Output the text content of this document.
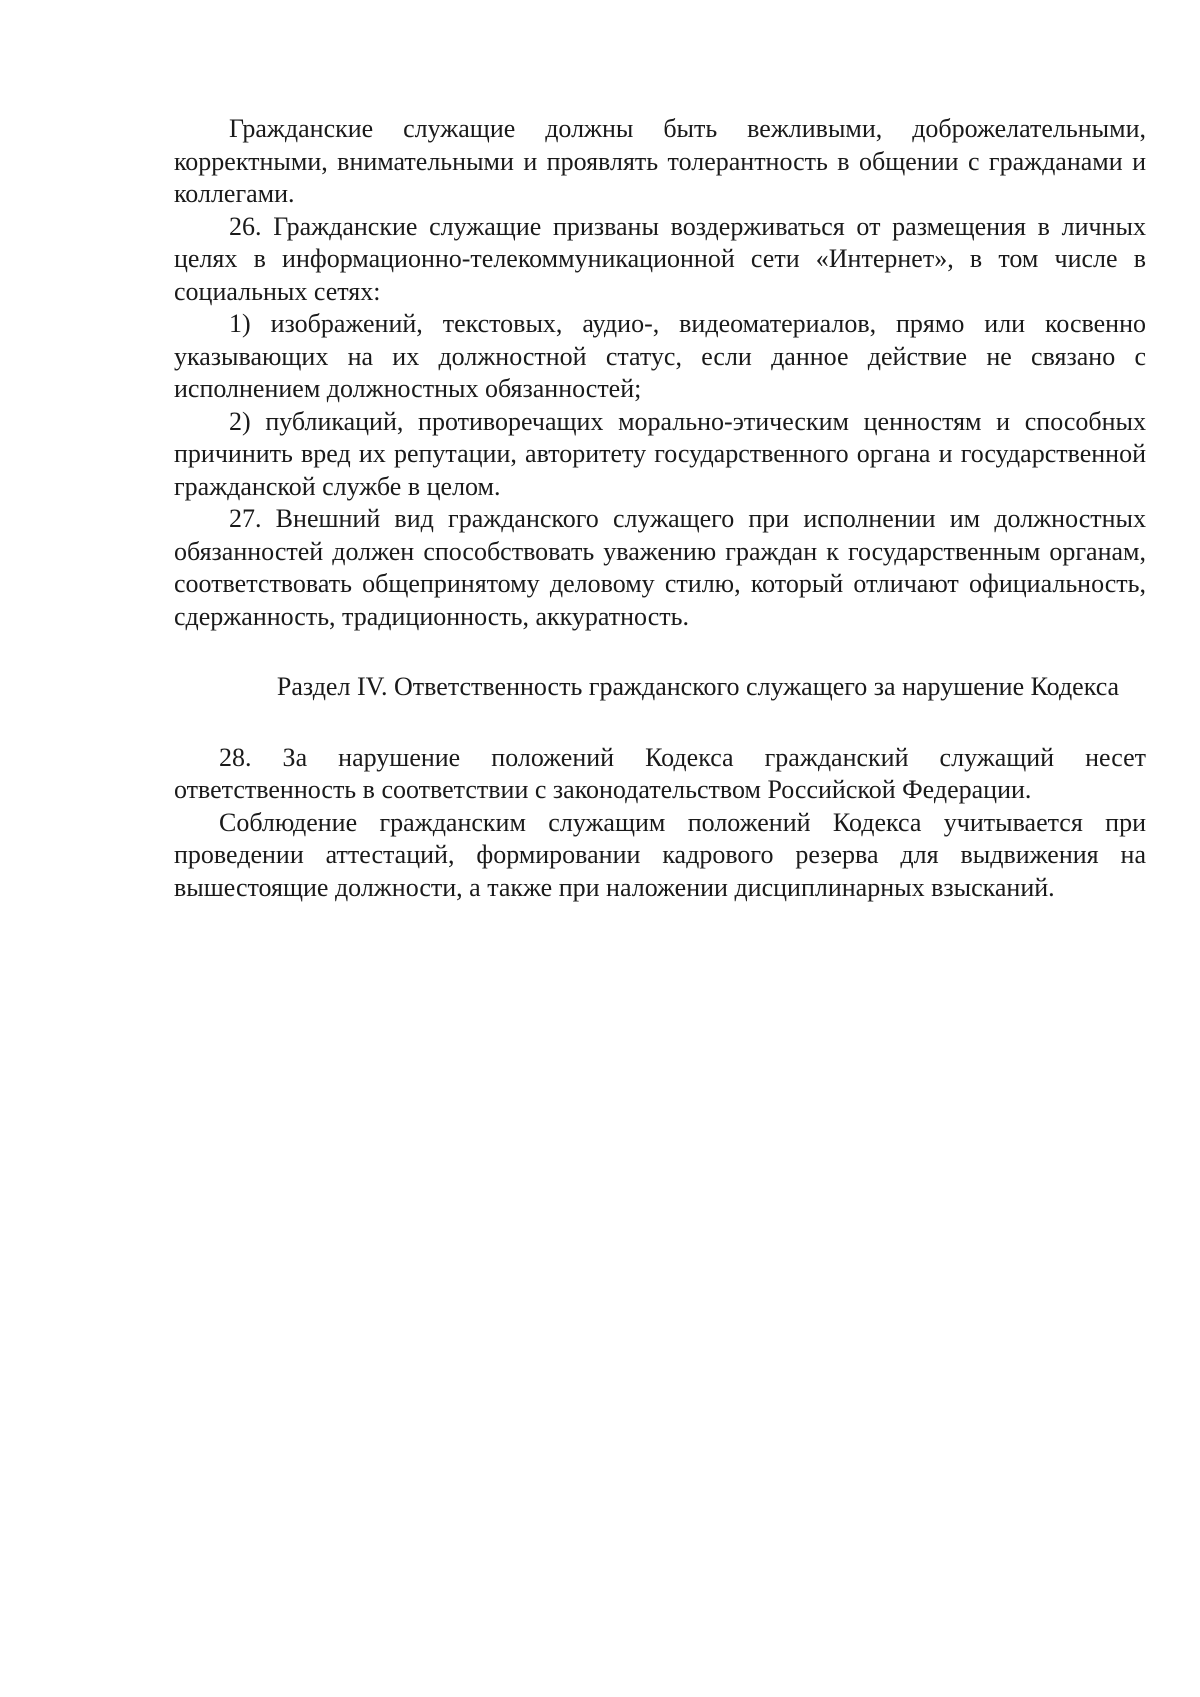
Гражданские служащие должны быть вежливыми, доброжелательными, корректными, внимательными и проявлять толерантность в общении с гражданами и коллегами.

26. Гражданские служащие призваны воздерживаться от размещения в личных целях в информационно-телекоммуникационной сети «Интернет», в том числе в социальных сетях:

1) изображений, текстовых, аудио-, видеоматериалов, прямо или косвенно указывающих на их должностной статус, если данное действие не связано с исполнением должностных обязанностей;

2) публикаций, противоречащих морально-этическим ценностям и способных причинить вред их репутации, авторитету государственного органа и государственной гражданской службе в целом.

27. Внешний вид гражданского служащего при исполнении им должностных обязанностей должен способствовать уважению граждан к государственным органам, соответствовать общепринятому деловому стилю, который отличают официальность, сдержанность, традиционность, аккуратность.

Раздел IV. Ответственность гражданского служащего за нарушение Кодекса

28. За нарушение положений Кодекса гражданский служащий несет ответственность в соответствии с законодательством Российской Федерации.

Соблюдение гражданским служащим положений Кодекса учитывается при проведении аттестаций, формировании кадрового резерва для выдвижения на вышестоящие должности, а также при наложении дисциплинарных взысканий.
